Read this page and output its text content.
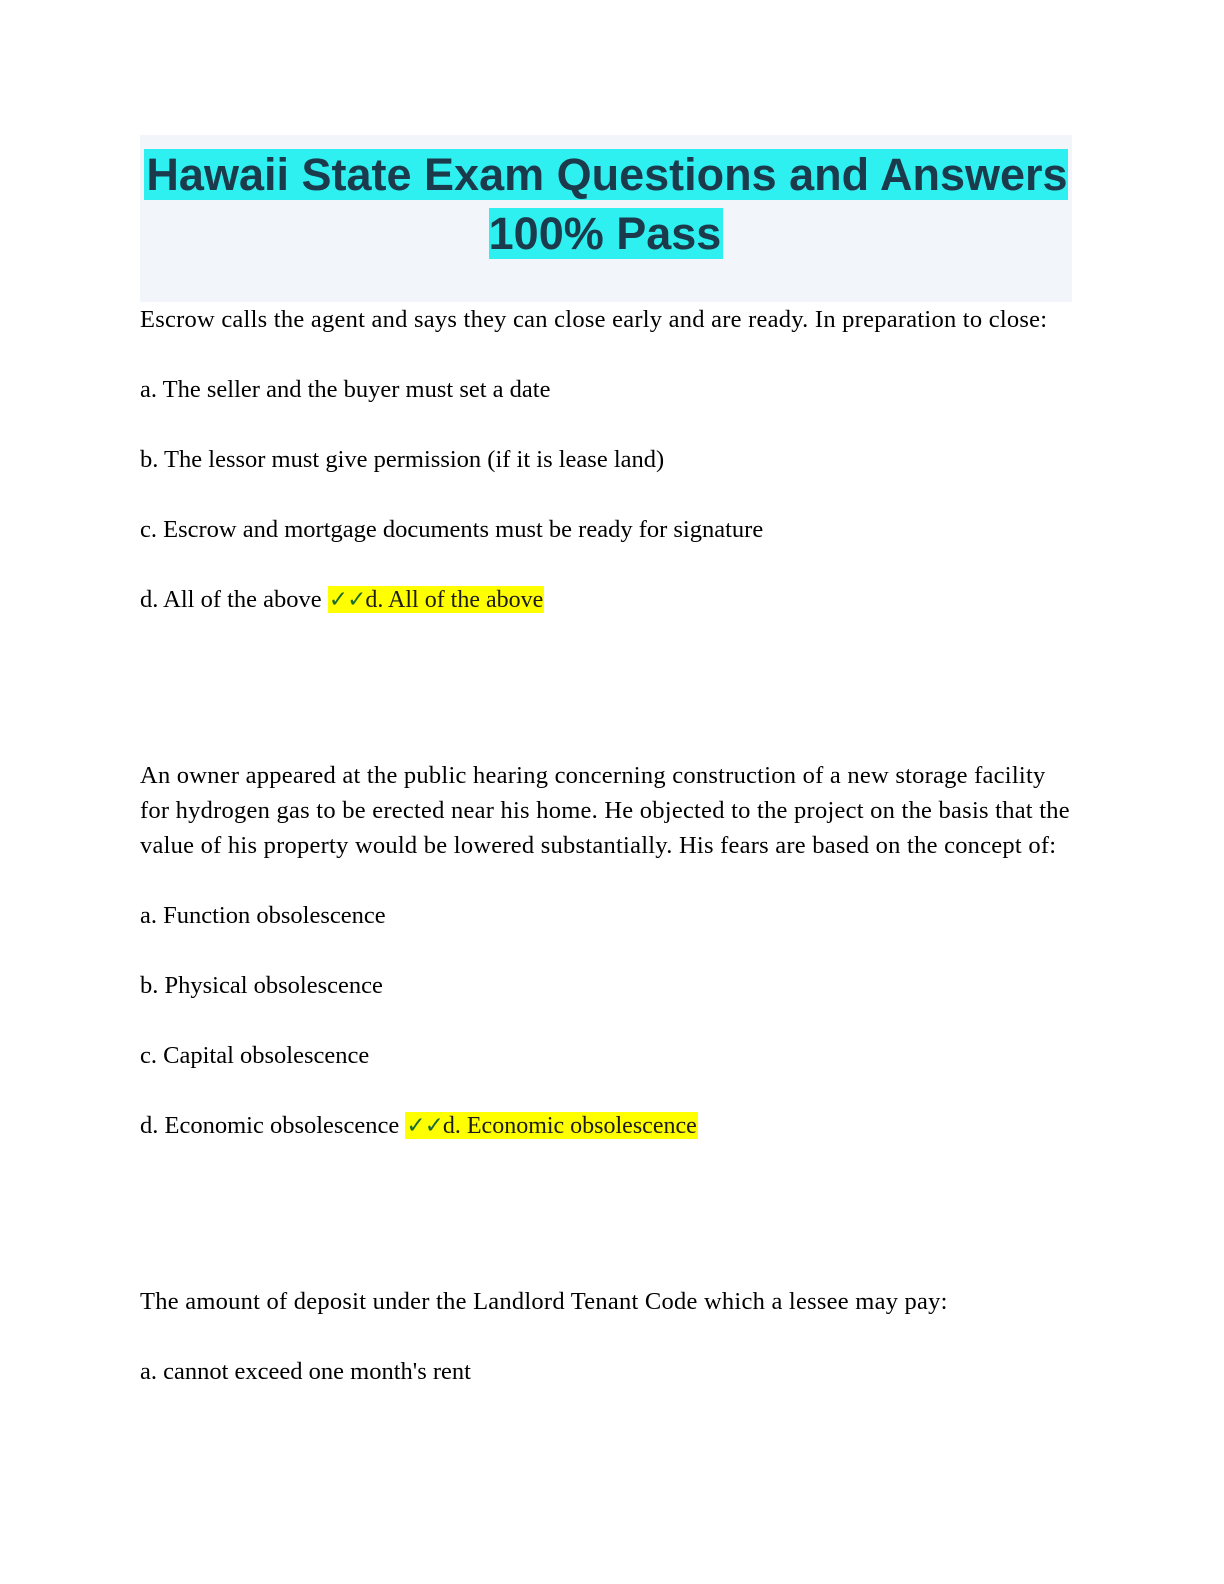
Hawaii State Exam Questions and Answers 100% Pass

Escrow calls the agent and says they can close early and are ready. In preparation to close:

a. The seller and the buyer must set a date

b. The lessor must give permission (if it is lease land)

c. Escrow and mortgage documents must be ready for signature

d. All of the above ✓✓d. All of the above

An owner appeared at the public hearing concerning construction of a new storage facility for hydrogen gas to be erected near his home. He objected to the project on the basis that the value of his property would be lowered substantially. His fears are based on the concept of:

a. Function obsolescence

b. Physical obsolescence

c. Capital obsolescence

d. Economic obsolescence ✓✓d. Economic obsolescence

The amount of deposit under the Landlord Tenant Code which a lessee may pay:

a. cannot exceed one month's rent
